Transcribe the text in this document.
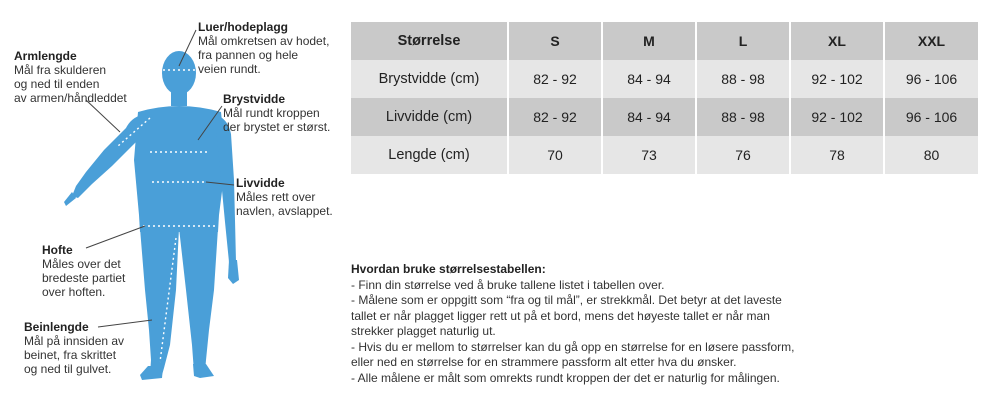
Luer/hodeplagg
Mål omkretsen av hodet,
fra pannen og hele
veien rundt.
Armlengde
Mål fra skulderen
og ned til enden
av armen/håndleddet	Brystvidde
Mål rundt kroppen
der brystet er størst.
Livvidde
Måles rett over
navlen, avslappet.
Hofte
Måles over det
bredeste partiet
over hoften.
Beinlengde
Mål på innsiden av
beinet, fra skrittet
og ned til gulvet.
Størrelse	S	M	L	XL	XXL
Brystvidde (cm)	82 - 92	84 - 94	88 - 98	92 - 102	96 - 106
Livvidde (cm)	82 - 92	84 - 94	88 - 98	92 - 102	96 - 106
Lengde (cm)	70	73	76	78	80
Hvordan bruke størrelsestabellen:
- Finn din størrelse ved å bruke tallene listet i tabellen over.
- Målene som er oppgitt som “fra og til mål”, er strekkmål. Det betyr at det laveste
tallet er når plagget ligger rett ut på et bord, mens det høyeste tallet er når man
strekker plagget naturlig ut.
- Hvis du er mellom to størrelser kan du gå opp en størrelse for en løsere passform,
eller ned en størrelse for en strammere passform alt etter hva du ønsker.
- Alle målene er målt som omrekts rundt kroppen der det er naturlig for målingen.
